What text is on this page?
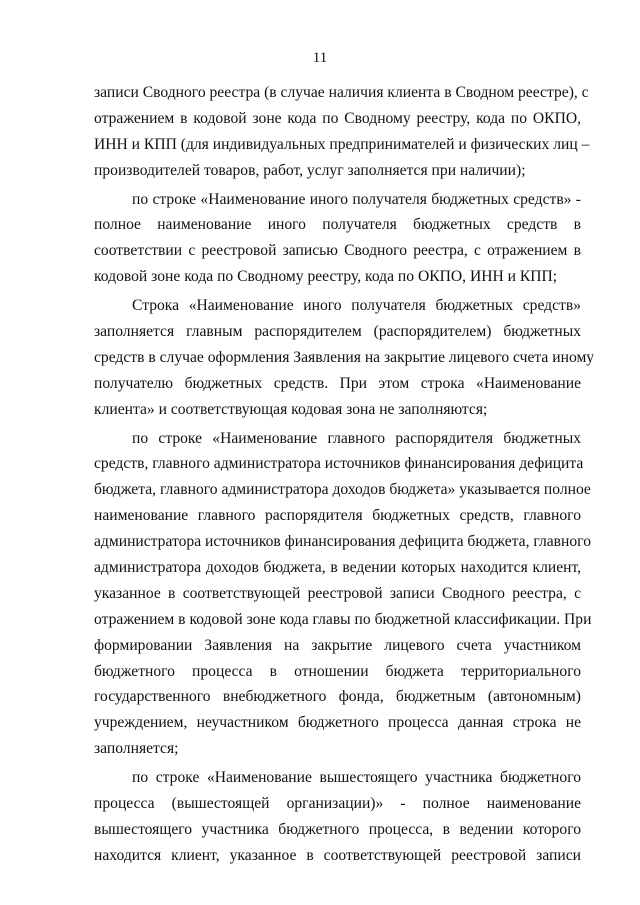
11
записи Сводного реестра (в случае наличия клиента в Сводном реестре), с
отражением в кодовой зоне кода по Сводному реестру, кода по ОКПО,
ИНН и КПП (для индивидуальных предпринимателей и физических лиц –
производителей товаров, работ, услуг заполняется при наличии);
по строке «Наименование иного получателя бюджетных средств» -
полное наименование иного получателя бюджетных средств в
соответствии с реестровой записью Сводного реестра, с отражением в
кодовой зоне кода по Сводному реестру, кода по ОКПО, ИНН и КПП;
Строка «Наименование иного получателя бюджетных средств»
заполняется главным распорядителем (распорядителем) бюджетных
средств в случае оформления Заявления на закрытие лицевого счета иному
получателю бюджетных средств. При этом строка «Наименование
клиента» и соответствующая кодовая зона не заполняются;
по строке «Наименование главного распорядителя бюджетных
средств, главного администратора источников финансирования дефицита
бюджета, главного администратора доходов бюджета» указывается полное
наименование главного распорядителя бюджетных средств, главного
администратора источников финансирования дефицита бюджета, главного
администратора доходов бюджета, в ведении которых находится клиент,
указанное в соответствующей реестровой записи Сводного реестра, с
отражением в кодовой зоне кода главы по бюджетной классификации. При
формировании Заявления на закрытие лицевого счета участником
бюджетного процесса в отношении бюджета территориального
государственного внебюджетного фонда, бюджетным (автономным)
учреждением, неучастником бюджетного процесса данная строка не
заполняется;
по строке «Наименование вышестоящего участника бюджетного
процесса (вышестоящей организации)» - полное наименование
вышестоящего участника бюджетного процесса, в ведении которого
находится клиент, указанное в соответствующей реестровой записи
